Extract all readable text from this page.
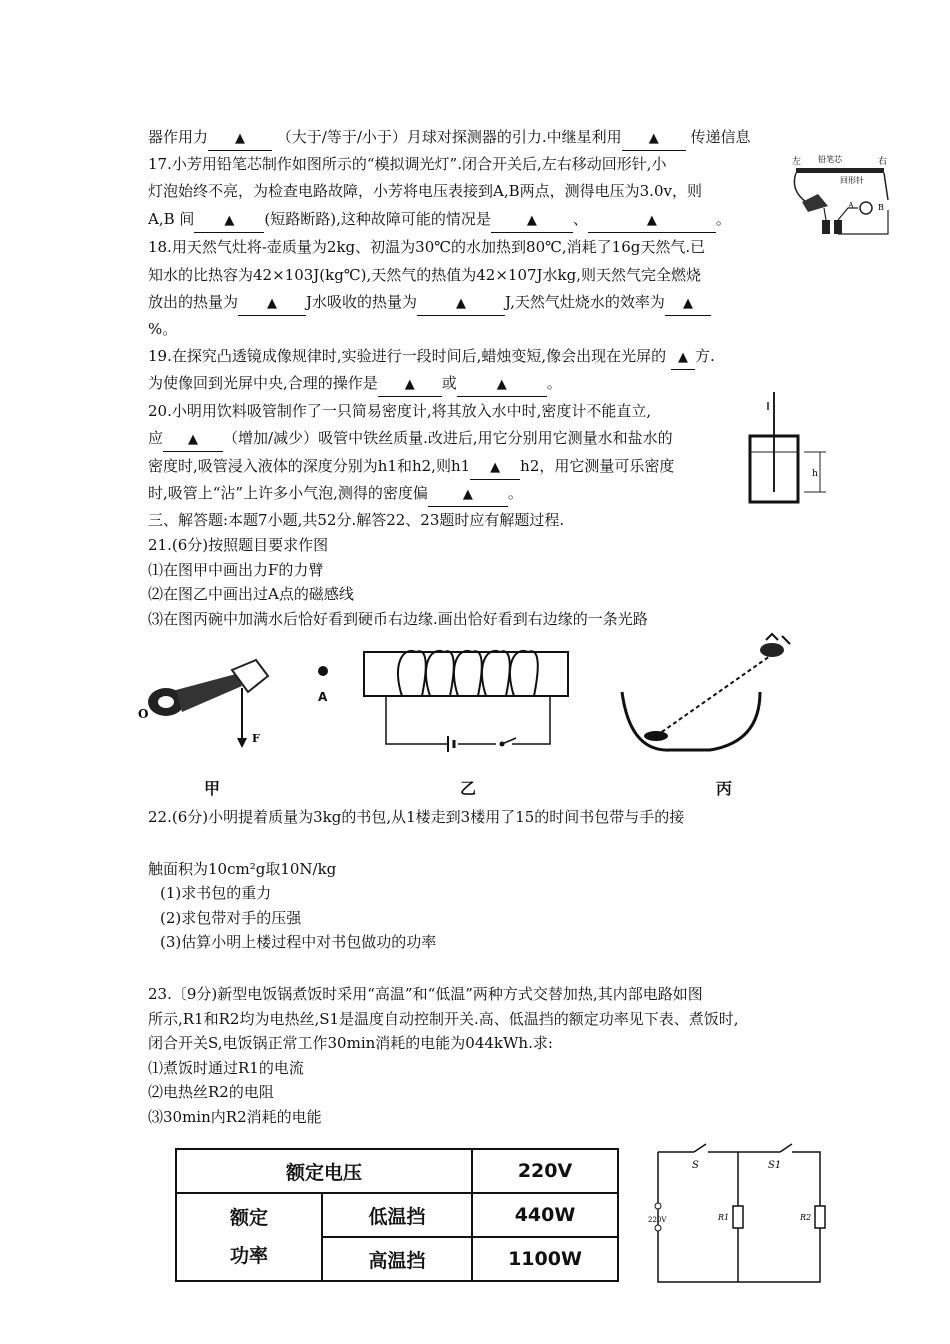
器作用力 ▲ （大于/等于/小于）月球对探测器的引力.中继星利用 ▲ 传递信息
17.小芳用铅笔芯制作如图所示的“模拟调光灯”.闭合开关后,左右移动回形针,小
灯泡始终不亮，为检查电路故障，小芳将电压表接到A,B两点，测得电压为3.0v，则
A,B 间 ▲ (短路断路),这种故障可能的情况是	▲ 、	▲	。
左 铅笔芯	右
回形针
A	B
18.用天然气灶将-壶质量为2kg、初温为30℃的水加热到80℃,消耗了16g天然气.已
知水的比热容为42×103J(kg℃),天然气的热值为42×107J水kg,则天然气完全燃烧
放出的热量为 ▲ J水吸收的热量为	▲	J,天然气灶烧水的效率为 ▲
%。
19.在探究凸透镜成像规律时,实验进行一段时间后,蜡烛变短,像会出现在光屏的 ▲ 方.
为使像回到光屏中央,合理的操作是 ▲ 或	▲	。
20.小明用饮料吸管制作了一只简易密度计,将其放入水中时,密度计不能直立,
应 ▲ （增加/减少）吸管中铁丝质量.改进后,用它分别用它测量水和盐水的
密度时,吸管浸入液体的深度分别为h1和h2,则h1 ▲ h2，用它测量可乐密度
时,吸管上“沾”上许多小气泡,测得的密度偏	▲ 。
h
三、解答题:本题7小题,共52分.解答22、23题时应有解题过程.
21.(6分)按照题目要求作图
⑴在图甲中画出力F的力臂
⑵在图乙中画出过A点的磁感线
⑶在图丙碗中加满水后恰好看到硬币右边缘.画出恰好看到右边缘的一条光路
O
F
A
甲	乙	丙
22.(6分)小明提着质量为3kg的书包,从1楼走到3楼用了15的时间书包带与手的接
触面积为10cm²g取10N/kg
(1)求书包的重力
(2)求包带对手的压强
(3)估算小明上楼过程中对书包做功的功率
23.〔9分)新型电饭锅煮饭时采用“高温”和“低温”两种方式交替加热,其内部电路如图
所示,R1和R2均为电热丝,S1是温度自动控制开关.高、低温挡的额定功率见下表、煮饭时,
闭合开关S,电饭锅正常工作30min消耗的电能为044kWh.求:
⑴煮饭时通过R1的电流
⑵电热丝R2的电阻
⑶30min内R2消耗的电能
额定电压		220V

额定
功率	低温挡	440W
	高温挡	1100W
S	S1
R1	R2
220V
